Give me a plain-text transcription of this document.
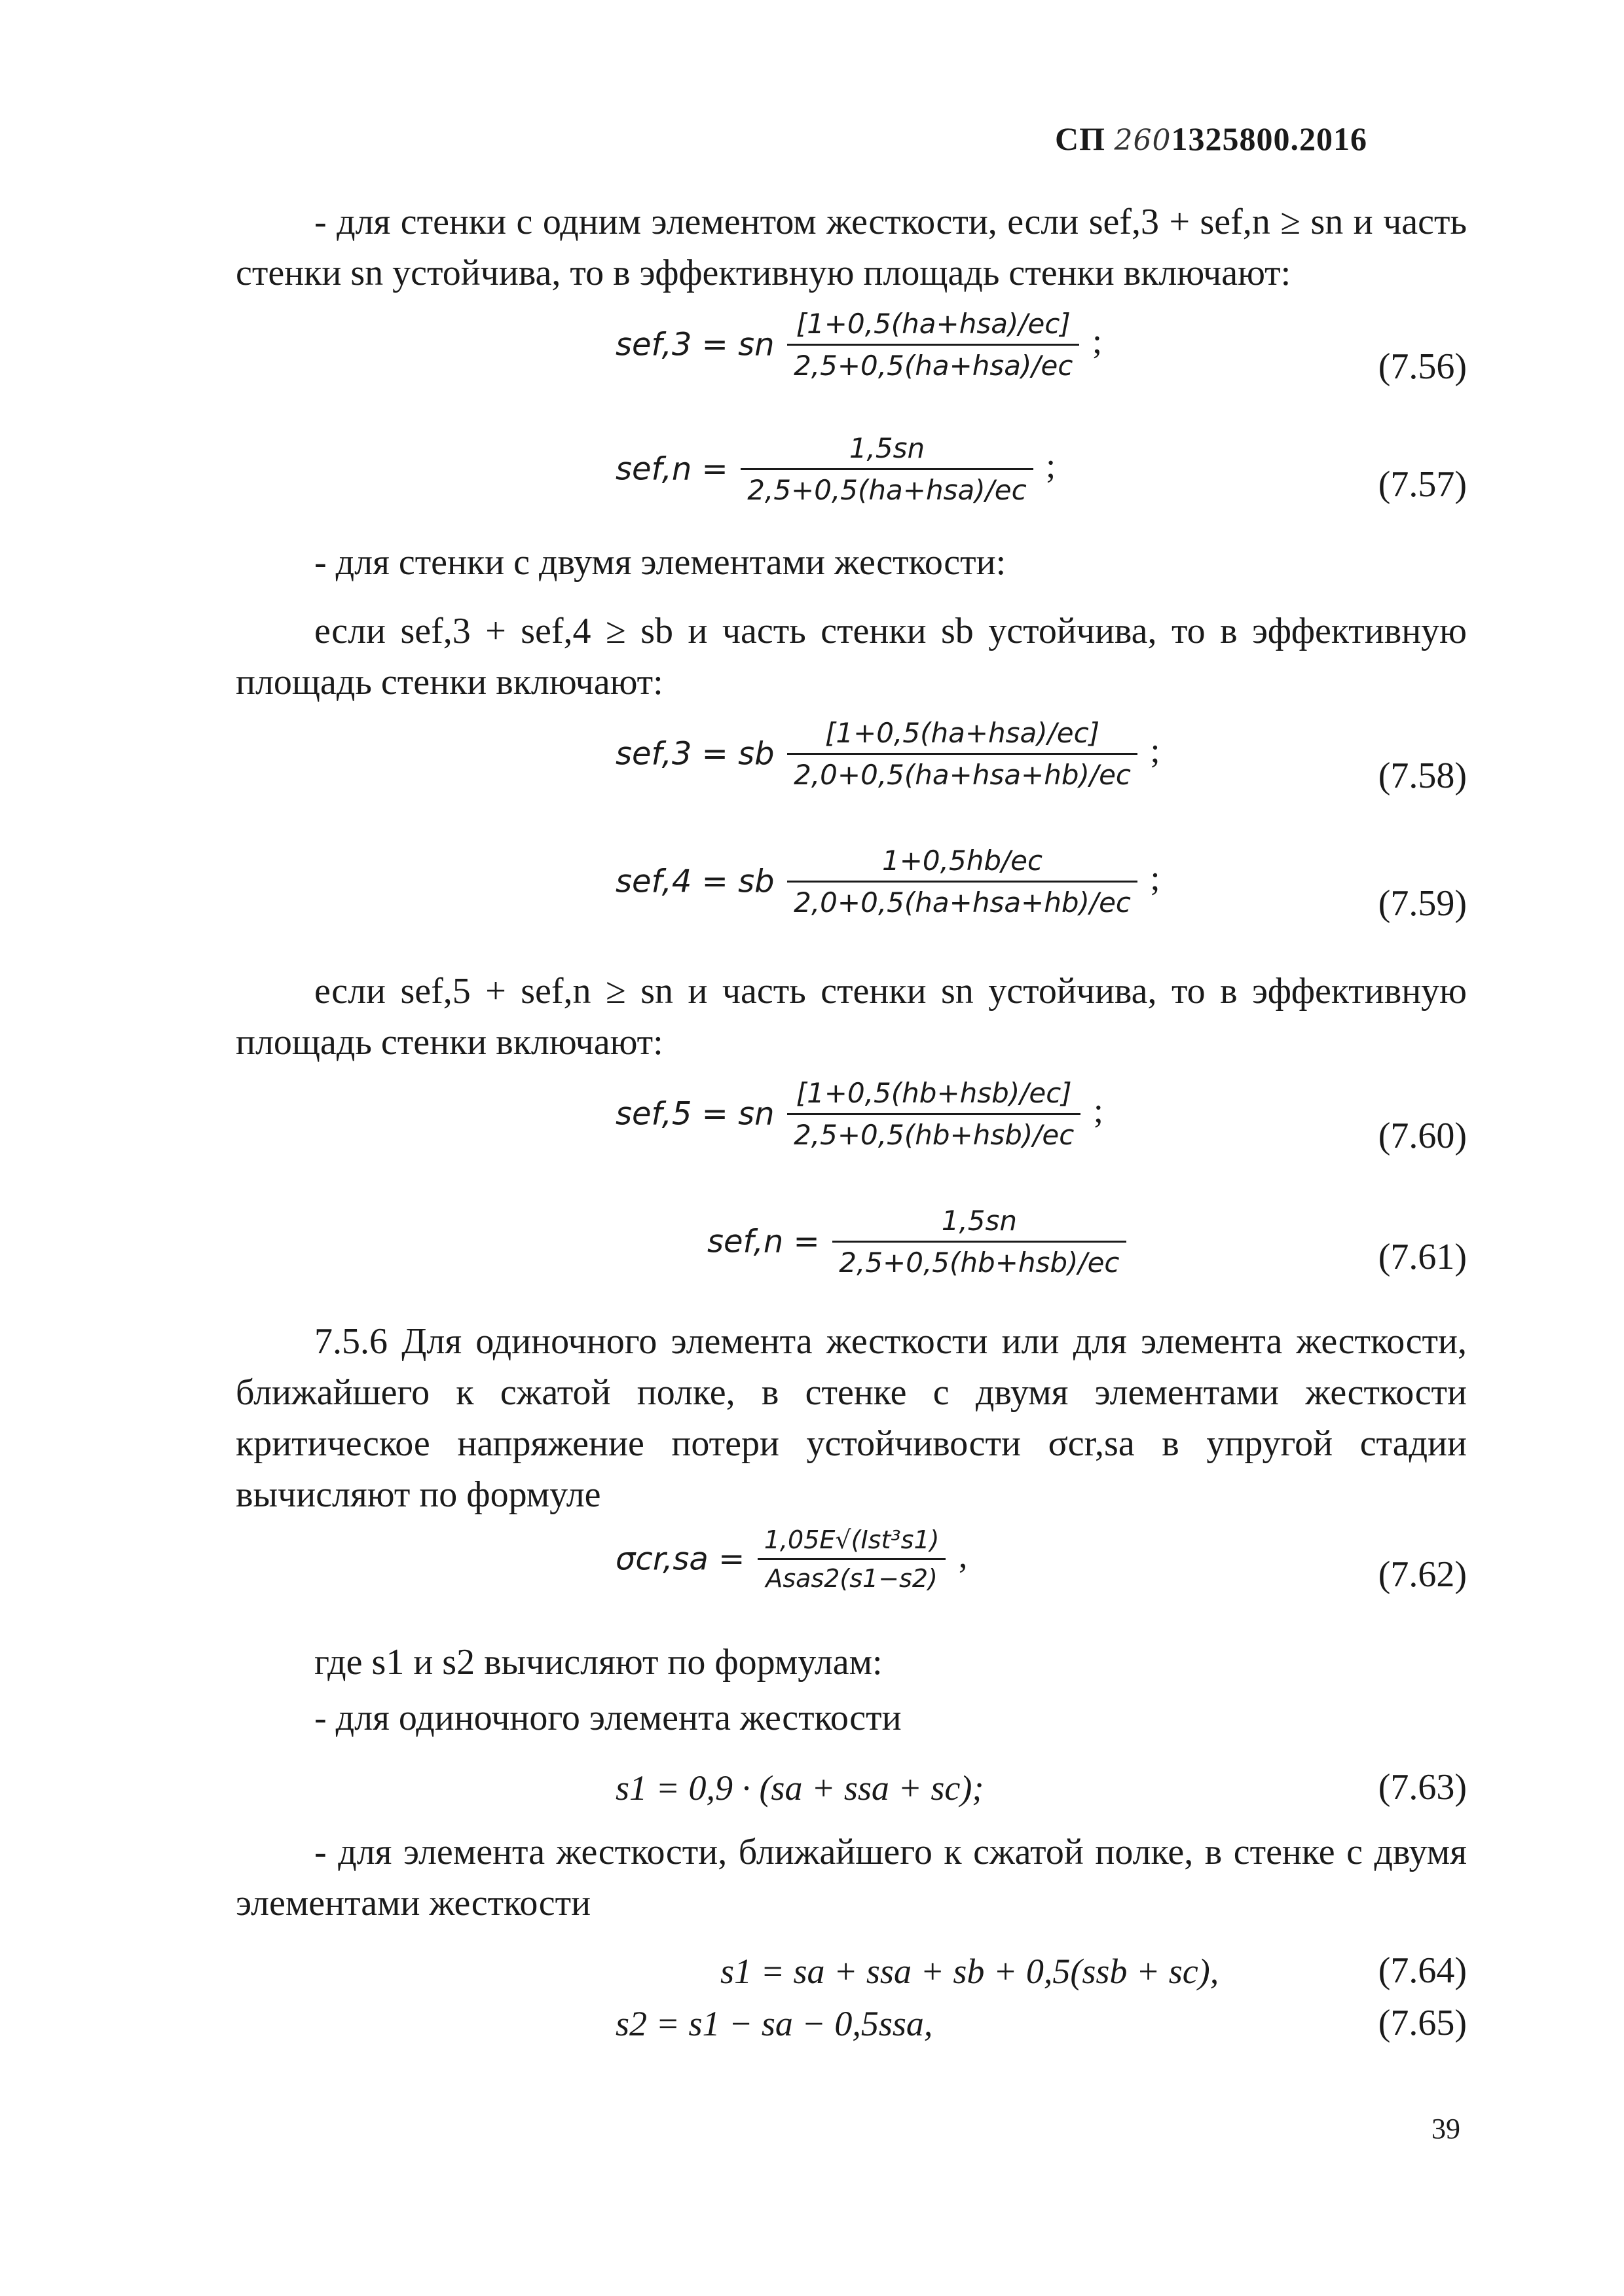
СП 2601325800.2016
- для стенки с одним элементом жесткости, если sef,3 + sef,n ≥ sn и часть стенки sn устойчива, то в эффективную площадь стенки включают:
sef,3 = sn $\frac{\text{[1+0,5(ha+hsa)/ec]}}{\text{2,5+0,5(ha+hsa)/ec}}$ ;
(7.56)
$sef,n = \frac{1,5sn}{\text{2,5+0,5(ha+hsa)/ec}}$ ;	(7.57)
- для стенки с двумя элементами жесткости:
если sef,3 + sef,4 ≥ sb и часть стенки sb устойчива, то в эффективную площадь стенки включают:
sef,3 = sb $\frac{\text{[1+0,5(ha+hsa)/ec]}}{\text{2,0+0,5(ha+hsa+hb)/ec}}$ ;
(7.58)
sef,4 = sb $\frac{1+0,5hb/ec}{\text{2,0+0,5(ha+hsa+hb)/ec}}$ ;
(7.59)
если sef,5 + sef,n ≥ sn и часть стенки sn устойчива, то в эффективную площадь стенки включают:
sef,5 = sn $\frac{\text{[1+0,5(hb+hsb)/ec]}}{\text{2,5+0,5(hb+hsb)/ec}}$ ;
(7.60)
$sef,n = \frac{1,5sn}{\text{2,5+0,5(hb+hsb)/ec}}$	(7.61)
7.5.6 Для одиночного элемента жесткости или для элемента жесткости, ближайшего к сжатой полке, в стенке с двумя элементами жесткости критическое напряжение потери устойчивости σcr,sa в упругой стадии вычисляют по формуле
$\sigma cr,sa = \frac{\text{1,05E√(Ist³s1)}}{\text{Asas2(s1−s2)}}$ ,	(7.62)
где s1 и s2 вычисляют по формулам:
- для одиночного элемента жесткости
s1 = 0,9 · (sa + ssa + sc);	(7.63)
- для элемента жесткости, ближайшего к сжатой полке, в стенке с двумя элементами жесткости
s1 = sa + ssa + sb + 0,5(ssb + sc),	(7.64)
s2 = s1 − sa − 0,5ssa,	(7.65)
39
